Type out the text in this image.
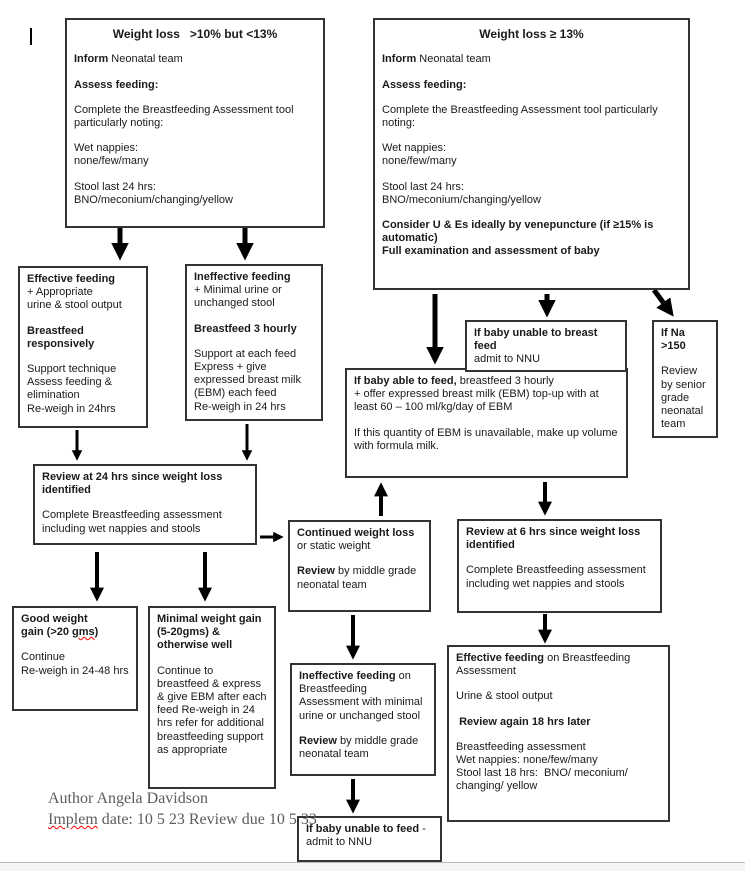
Weight loss   >10% but <13%

Inform Neonatal team

Assess feeding:

Complete the Breastfeeding Assessment tool particularly noting:

Wet nappies:
none/few/many

Stool last 24 hrs:
BNO/meconium/changing/yellow

Weight loss ≥ 13%

Inform Neonatal team

Assess feeding:

Complete the Breastfeeding Assessment tool particularly noting:

Wet nappies:
none/few/many

Stool last 24 hrs:
BNO/meconium/changing/yellow

Consider U & Es ideally by venepuncture (if ≥15% is automatic)
Full examination and assessment of baby

Effective feeding
+ Appropriate
urine & stool output

Breastfeed responsively

Support technique
Assess feeding & elimination
Re-weigh in 24hrs

Ineffective feeding
+ Minimal urine or
unchanged stool

Breastfeed 3 hourly

Support at each feed
Express + give expressed breast milk (EBM) each feed
Re-weigh in 24 hrs

Review at 24 hrs since weight loss identified

Complete Breastfeeding assessment including wet nappies and stools

Good weight
gain (>20 gms)

Continue
Re-weigh in 24-48 hrs

Minimal weight gain (5-20gms) & otherwise well

Continue to breastfeed & express & give EBM after each feed Re-weigh in 24 hrs refer for additional breastfeeding support as appropriate

Continued weight loss or static weight

Review by middle grade neonatal team

Ineffective feeding on Breastfeeding Assessment with minimal urine or unchanged stool

Review by middle grade neonatal team

If baby unable to feed - admit to NNU

If baby able to feed, breastfeed 3 hourly
+ offer expressed breast milk (EBM) top-up with at least 60 – 100 ml/kg/day of EBM

If this quantity of EBM is unavailable, make up volume with formula milk.

If baby unable to breast feed
admit to NNU

If Na
>150

Review by senior grade neonatal team

Review at 6 hrs since weight loss identified

Complete Breastfeeding assessment including wet nappies and stools

Effective feeding on Breastfeeding Assessment

Urine & stool output

Review again 18 hrs later

Breastfeeding assessment
Wet nappies: none/few/many
Stool last 18 hrs:  BNO/ meconium/ changing/ yellow

Author Angela Davidson
Implem date: 10 5 23 Review due 10 5 33
